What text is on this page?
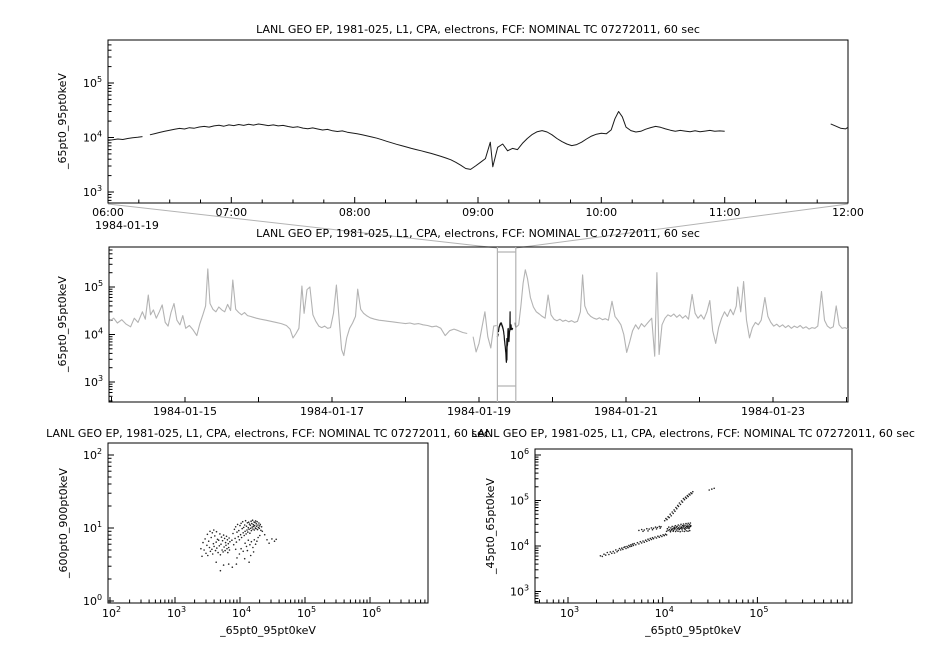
$10^3$
$10^4$
$10^5$
06:00	07:00	08:00	09:00	10:00	11:00	12:00
$10^3$
$10^4$
$10^5$
1984-01-15	1984-01-17	1984-01-19	1984-01-21	1984-01-23
$10^0$
$10^1$
$10^2$
$10^2$	$10^3$	$10^4$	$10^5$	$10^6$
$10^3$
$10^4$
$10^5$
$10^6$
$10^3$	$10^4$	$10^5$
LANL GEO EP, 1981-025, L1, CPA, electrons, FCF: NOMINAL TC 07272011, 60 sec
LANL GEO EP, 1981-025, L1, CPA, electrons, FCF: NOMINAL TC 07272011, 60 sec
LANL GEO EP, 1981-025, L1, CPA, electrons, FCF: NOMINAL TC 07272011, 60 sec
LANL GEO EP, 1981-025, L1, CPA, electrons, FCF: NOMINAL TC 07272011, 60 sec
_65pt0_95pt0keV
_65pt0_95pt0keV
_600pt0_900pt0keV	_45pt0_65pt0keV
_65pt0_95pt0keV	_65pt0_95pt0keV
1984-01-19
